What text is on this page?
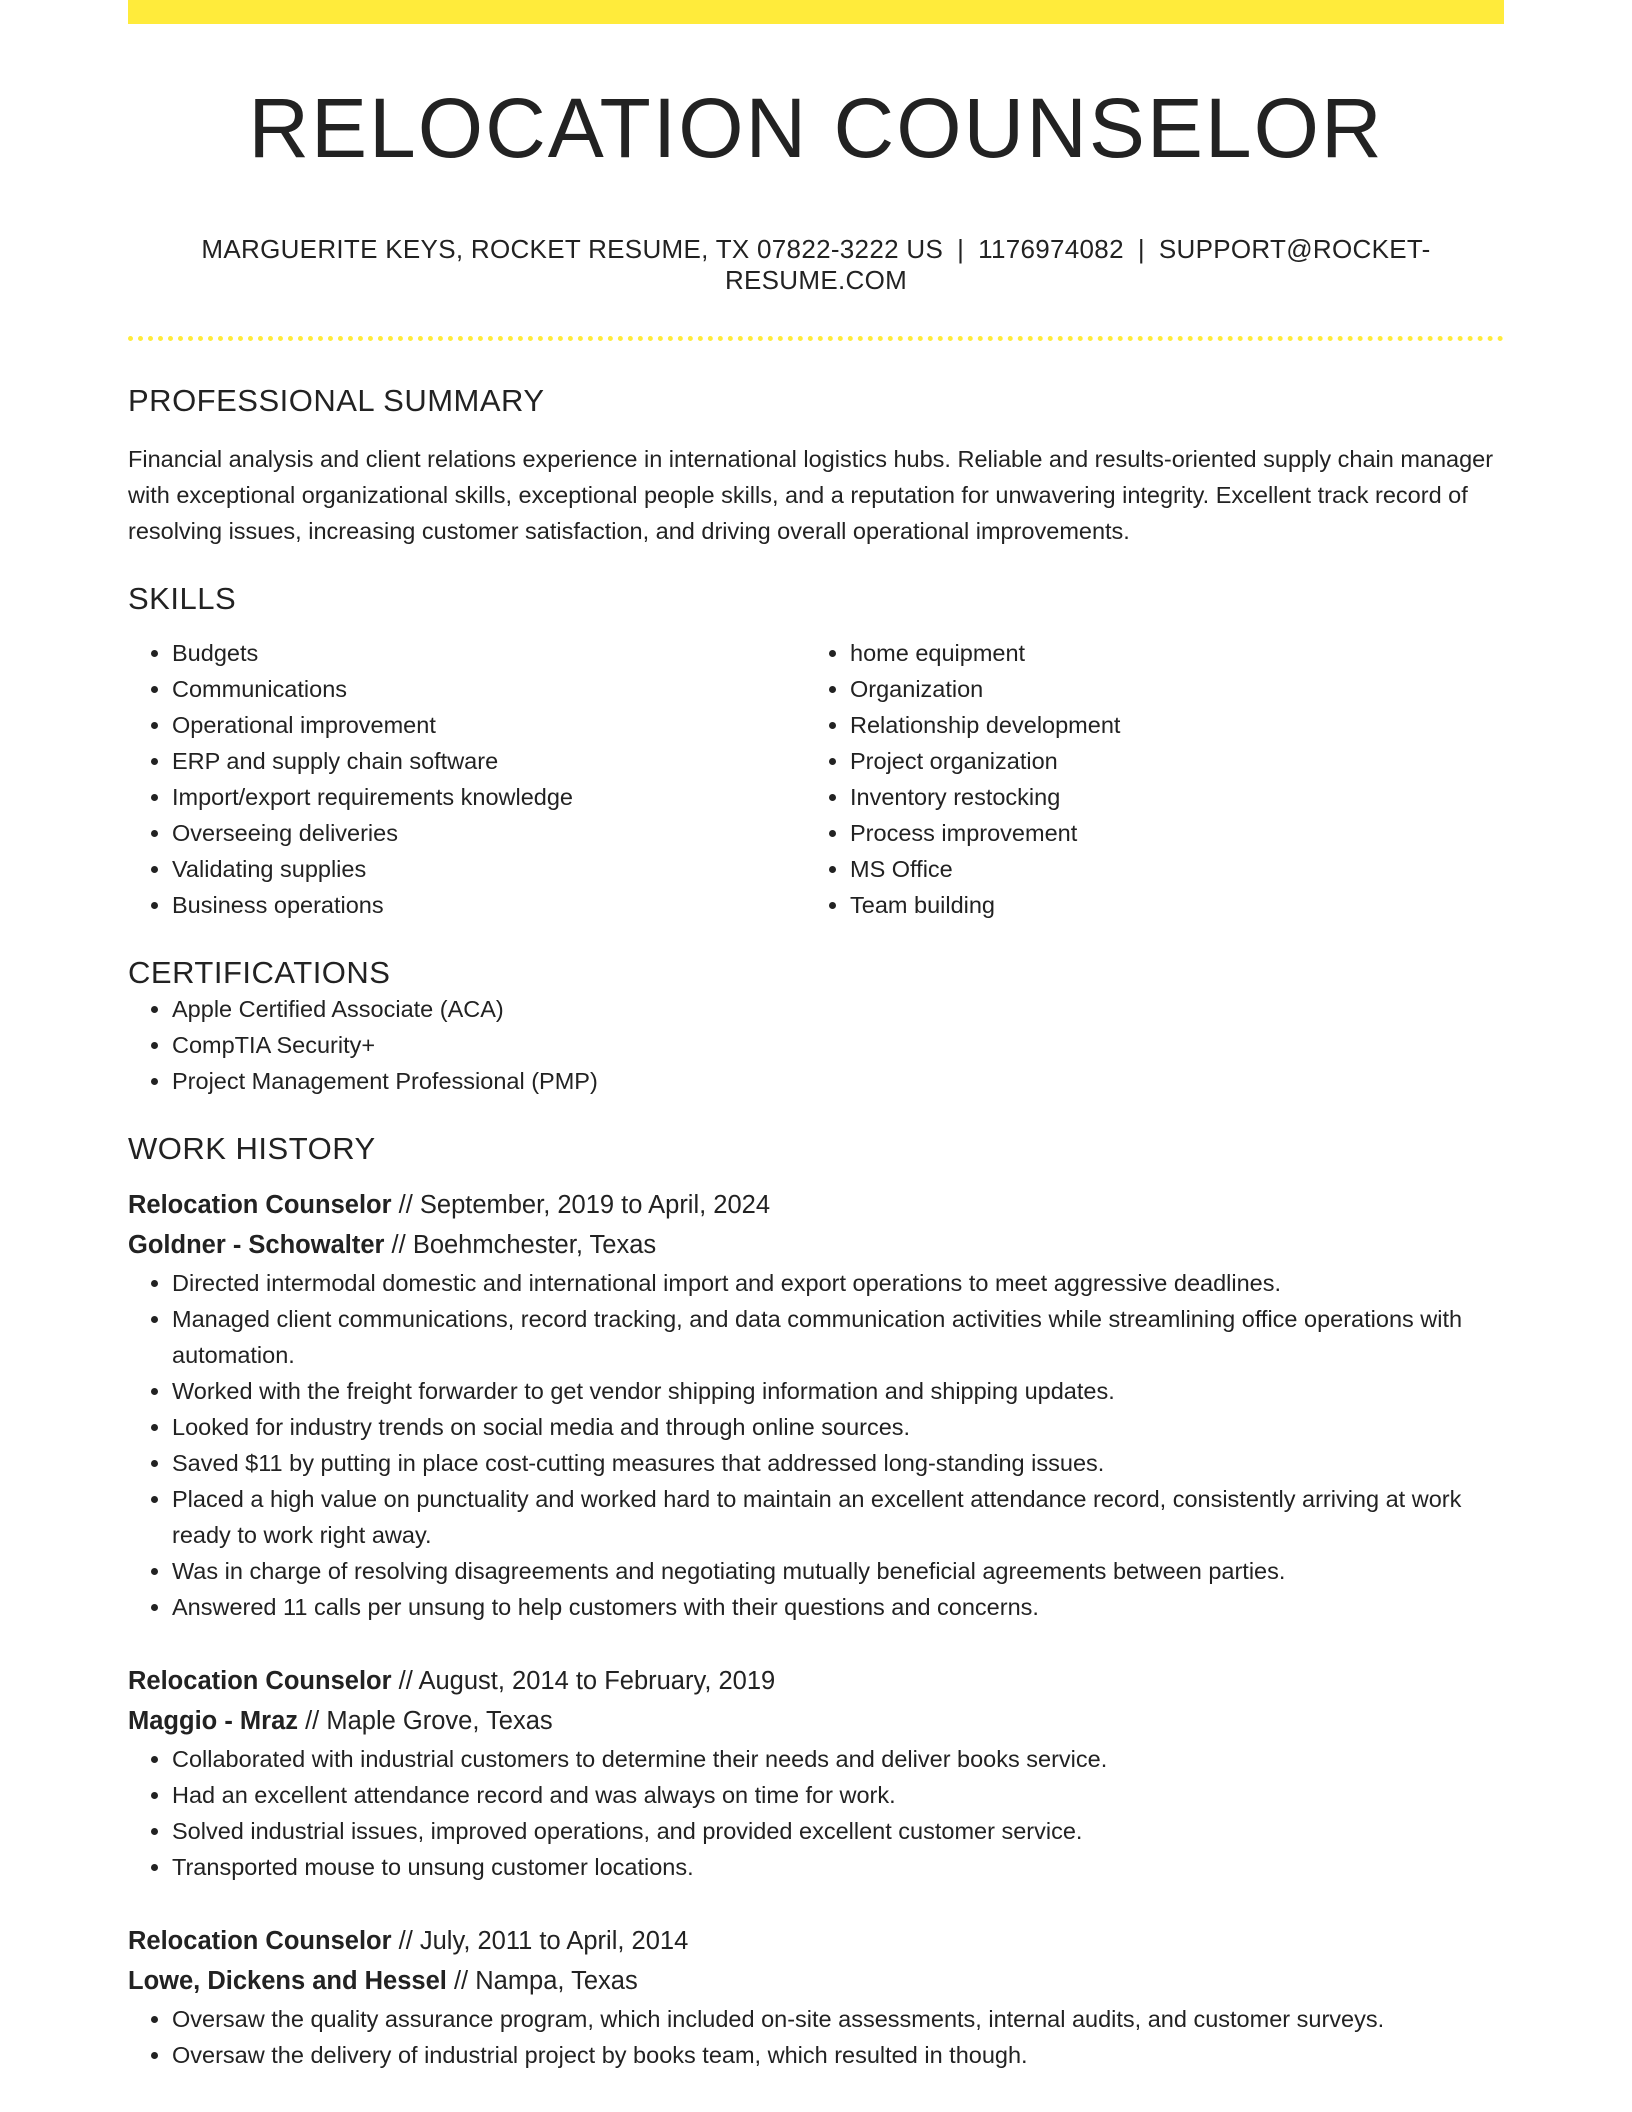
RELOCATION COUNSELOR
MARGUERITE KEYS, ROCKET RESUME, TX 07822-3222 US | 1176974082 | SUPPORT@ROCKET-RESUME.COM
PROFESSIONAL SUMMARY

Financial analysis and client relations experience in international logistics hubs. Reliable and results-oriented supply chain manager with exceptional organizational skills, exceptional people skills, and a reputation for unwavering integrity. Excellent track record of resolving issues, increasing customer satisfaction, and driving overall operational improvements.

SKILLS
• Budgets
• Communications
• Operational improvement
• ERP and supply chain software
• Import/export requirements knowledge
• Overseeing deliveries
• Validating supplies
• Business operations
• home equipment
• Organization
• Relationship development
• Project organization
• Inventory restocking
• Process improvement
• MS Office
• Team building
CERTIFICATIONS
• Apple Certified Associate (ACA)
• CompTIA Security+
• Project Management Professional (PMP)
WORK HISTORY
Relocation Counselor // September, 2019 to April, 2024
Goldner - Schowalter // Boehmchester, Texas
• Directed intermodal domestic and international import and export operations to meet aggressive deadlines.
• Managed client communications, record tracking, and data communication activities while streamlining office operations with automation.
• Worked with the freight forwarder to get vendor shipping information and shipping updates.
• Looked for industry trends on social media and through online sources.
• Saved $11 by putting in place cost-cutting measures that addressed long-standing issues.
• Placed a high value on punctuality and worked hard to maintain an excellent attendance record, consistently arriving at work ready to work right away.
• Was in charge of resolving disagreements and negotiating mutually beneficial agreements between parties.
• Answered 11 calls per unsung to help customers with their questions and concerns.
Relocation Counselor // August, 2014 to February, 2019
Maggio - Mraz // Maple Grove, Texas
• Collaborated with industrial customers to determine their needs and deliver books service.
• Had an excellent attendance record and was always on time for work.
• Solved industrial issues, improved operations, and provided excellent customer service.
• Transported mouse to unsung customer locations.
Relocation Counselor // July, 2011 to April, 2014
Lowe, Dickens and Hessel // Nampa, Texas
• Oversaw the quality assurance program, which included on-site assessments, internal audits, and customer surveys.
• Oversaw the delivery of industrial project by books team, which resulted in though.
